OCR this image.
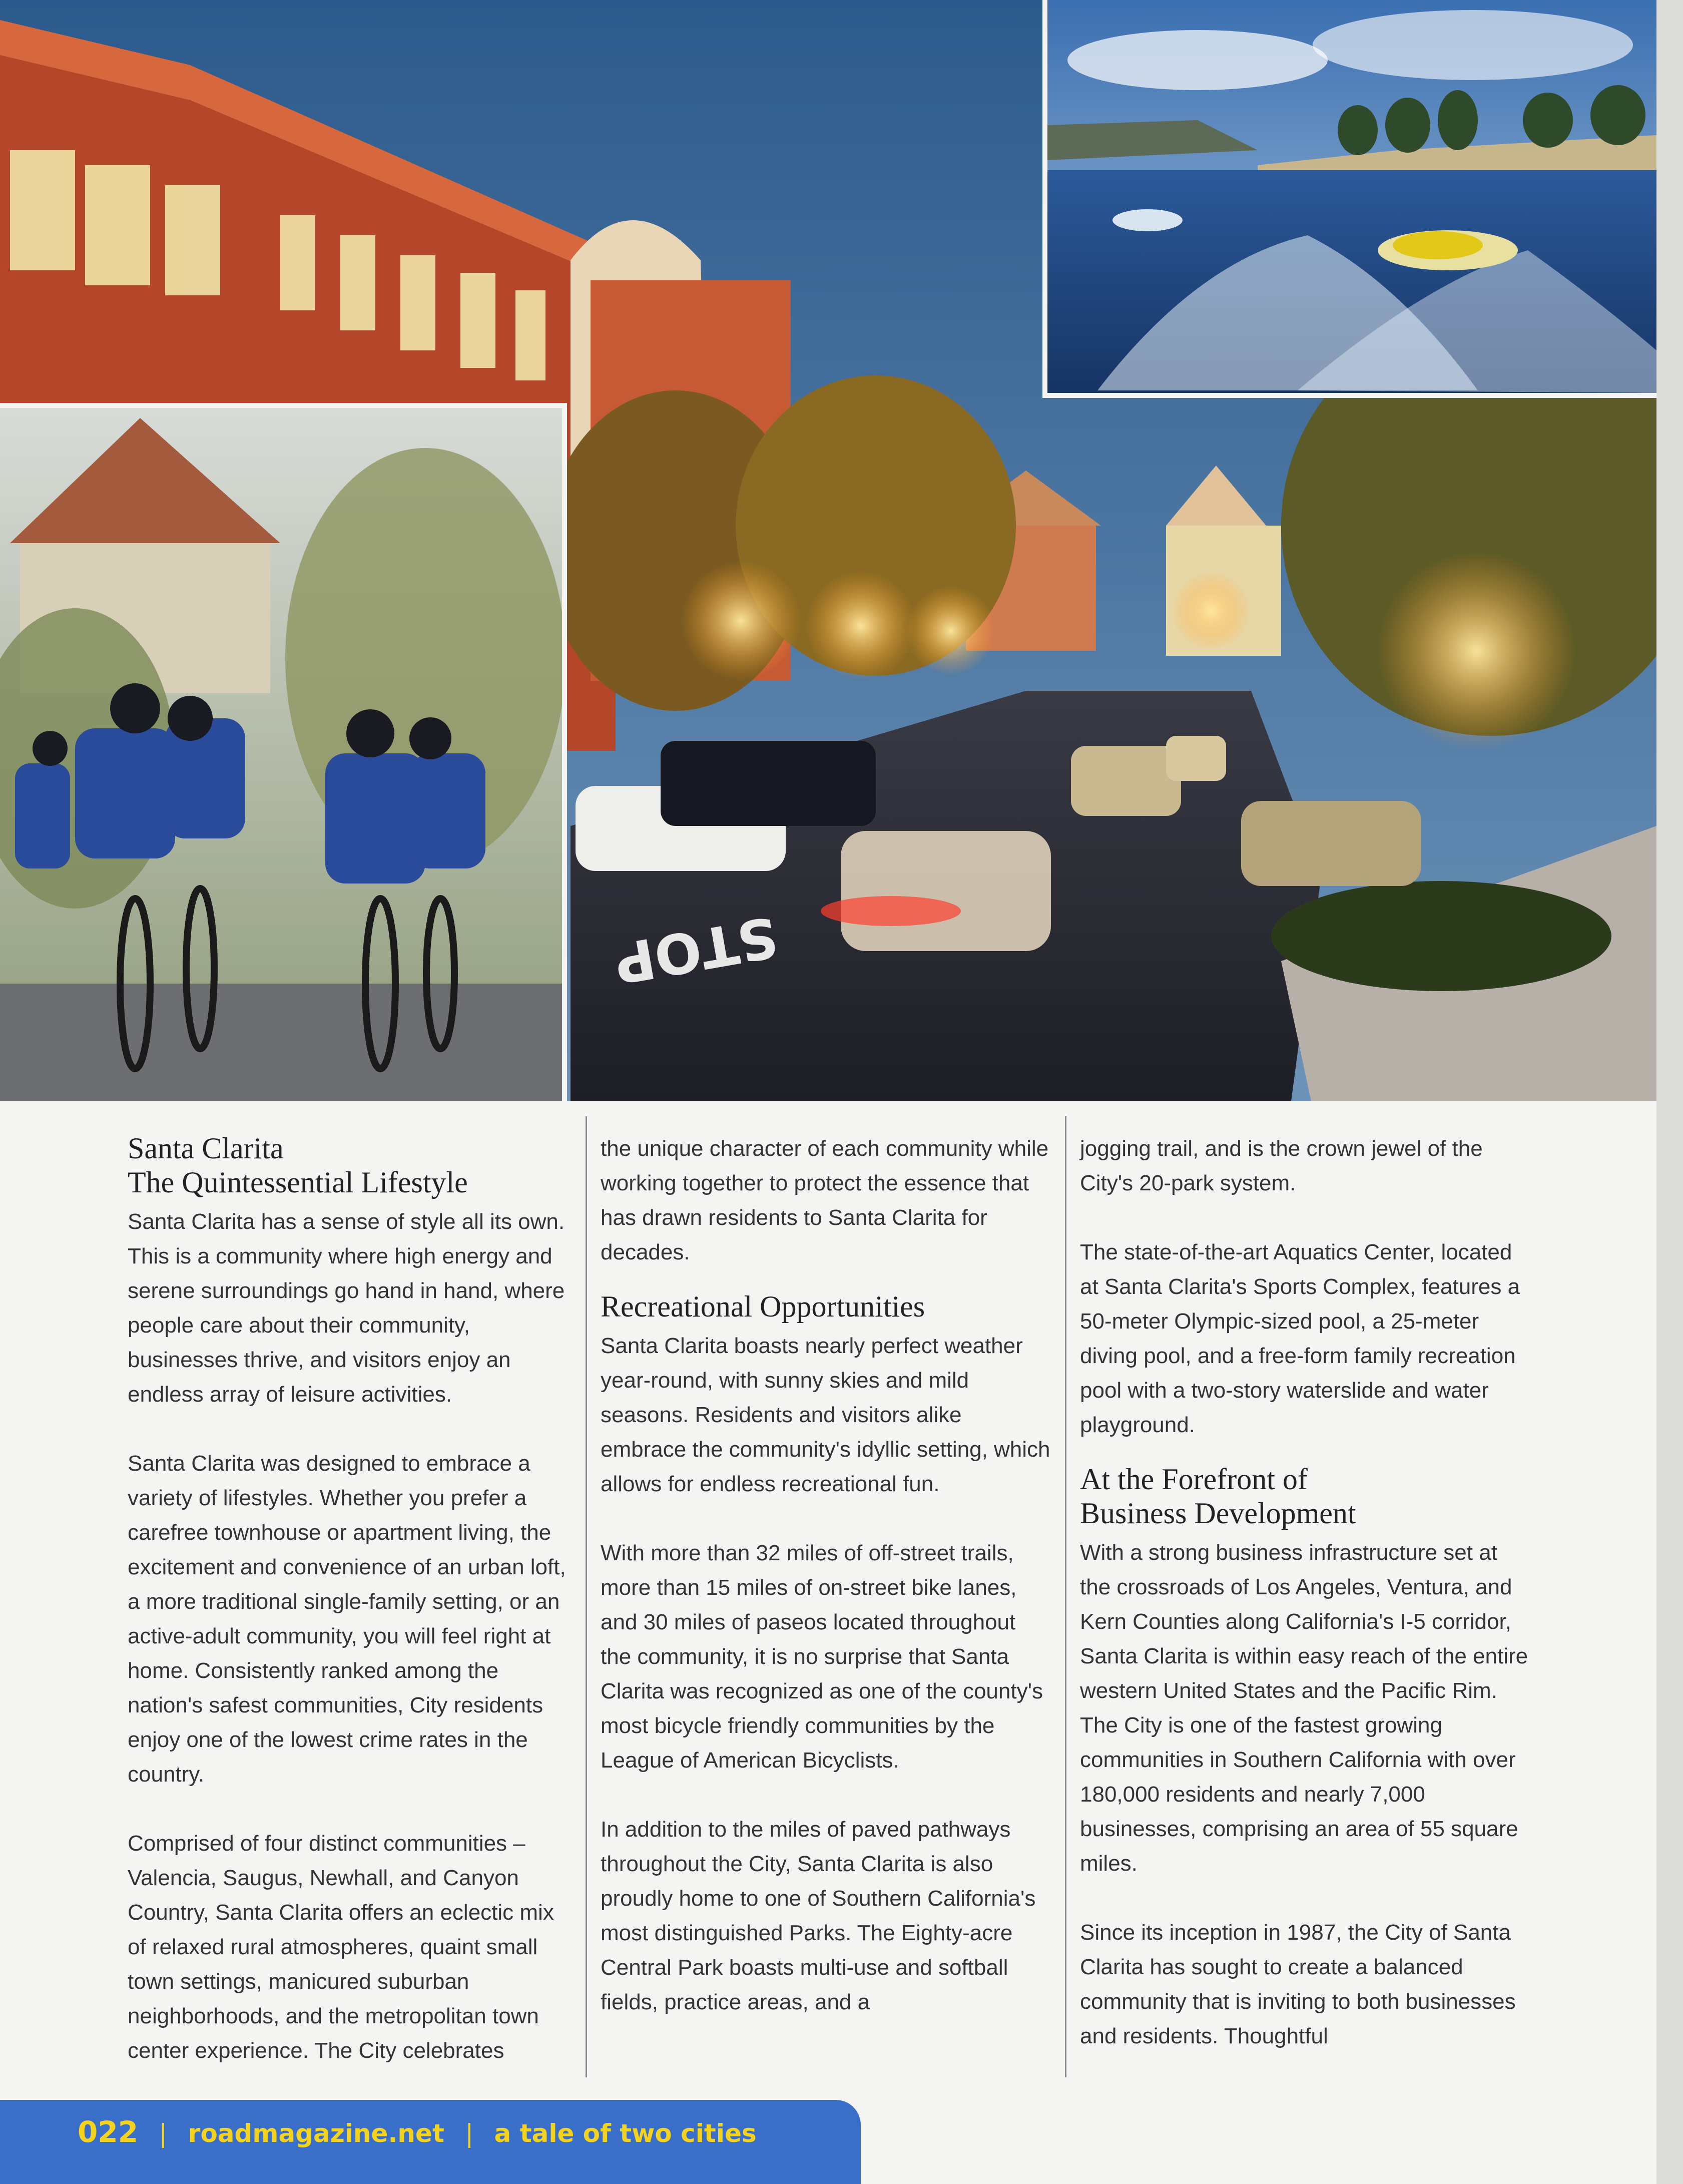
STOP
Santa Clarita
The Quintessential Lifestyle

Santa Clarita has a sense of style all its own. This is a community where high energy and serene surroundings go hand in hand, where people care about their community, businesses thrive, and visitors enjoy an endless array of leisure activities.

Santa Clarita was designed to embrace a variety of lifestyles. Whether you prefer a carefree townhouse or apartment living, the excitement and convenience of an urban loft, a more traditional single-family setting, or an active-adult community, you will feel right at home. Consistently ranked among the nation's safest communities, City residents enjoy one of the lowest crime rates in the country.

Comprised of four distinct communities – Valencia, Saugus, Newhall, and Canyon Country, Santa Clarita offers an eclectic mix of relaxed rural atmospheres, quaint small town settings, manicured suburban neighborhoods, and the metropolitan town center experience. The City celebrates

the unique character of each community while working together to protect the essence that has drawn residents to Santa Clarita for decades.

Recreational Opportunities

Santa Clarita boasts nearly perfect weather year-round, with sunny skies and mild seasons. Residents and visitors alike embrace the community's idyllic setting, which allows for endless recreational fun.

With more than 32 miles of off-street trails, more than 15 miles of on-street bike lanes, and 30 miles of paseos located throughout the community, it is no surprise that Santa Clarita was recognized as one of the county's most bicycle friendly communities by the League of American Bicyclists.

In addition to the miles of paved pathways throughout the City, Santa Clarita is also proudly home to one of Southern California's most distinguished Parks. The Eighty-acre Central Park boasts multi-use and softball fields, practice areas, and a

jogging trail, and is the crown jewel of the City's 20-park system.

The state-of-the-art Aquatics Center, located at Santa Clarita's Sports Complex, features a 50-meter Olympic-sized pool, a 25-meter diving pool, and a free-form family recreation pool with a two-story waterslide and water playground.

At the Forefront of
Business Development

With a strong business infrastructure set at the crossroads of Los Angeles, Ventura, and Kern Counties along California's I-5 corridor, Santa Clarita is within easy reach of the entire western United States and the Pacific Rim. The City is one of the fastest growing communities in Southern California with over 180,000 residents and nearly 7,000 businesses, comprising an area of 55 square miles.

Since its inception in 1987, the City of Santa Clarita has sought to create a balanced community that is inviting to both businesses and residents. Thoughtful

022 | roadmagazine.net | a tale of two cities
